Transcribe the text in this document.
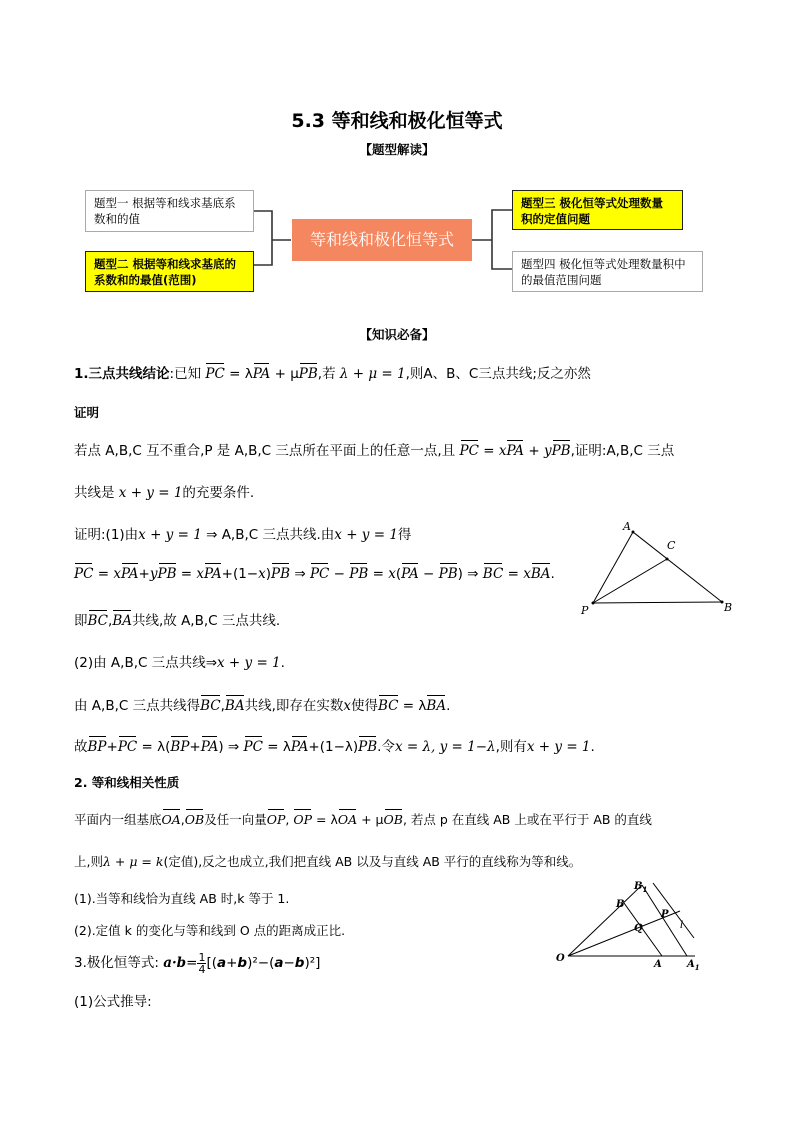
5.3 等和线和极化恒等式
【题型解读】
题型一 根据等和线求基底系数和的值
题型二 根据等和线求基底的系数和的最值(范围)
等和线和极化恒等式
题型三 极化恒等式处理数量积的定值问题
题型四 极化恒等式处理数量积中的最值范围问题
【知识必备】
1.三点共线结论:已知 PC = λPA + μPB,若 λ + μ = 1,则A、B、C三点共线;反之亦然
证明
若点 A,B,C 互不重合,P 是 A,B,C 三点所在平面上的任意一点,且 PC = xPA + yPB,证明:A,B,C 三点
共线是 x + y = 1的充要条件.
证明:(1)由x + y = 1 ⇒ A,B,C 三点共线.由x + y = 1得
PC = xPA+yPB = xPA+(1−x)PB ⇒ PC − PB = x(PA − PB) ⇒ BC = xBA.
即BC,BA共线,故 A,B,C 三点共线.
(2)由 A,B,C 三点共线⇒x + y = 1.
由 A,B,C 三点共线得BC,BA共线,即存在实数x使得BC = λBA.
故BP+PC = λ(BP+PA) ⇒ PC = λPA+(1−λ)PB.令x = λ, y = 1−λ,则有x + y = 1.
A
C
P	B
2. 等和线相关性质
平面内一组基底OA,OB及任一向量OP, OP = λOA + μOB, 若点 p 在直线 AB 上或在平行于 AB 的直线
上,则λ + μ = k(定值),反之也成立,我们把直线 AB 以及与直线 AB 平行的直线称为等和线。
(1).当等和线恰为直线 AB 时,k 等于 1.
(2).定值 k 的变化与等和线到 O 点的距离成正比.
O
A	$A_1$
B
$B_1$
P
Q	l
3.极化恒等式: $a\cdot b= \frac{1}{4} [(a+b)^2-(a-b)^2]$
(1)公式推导:
